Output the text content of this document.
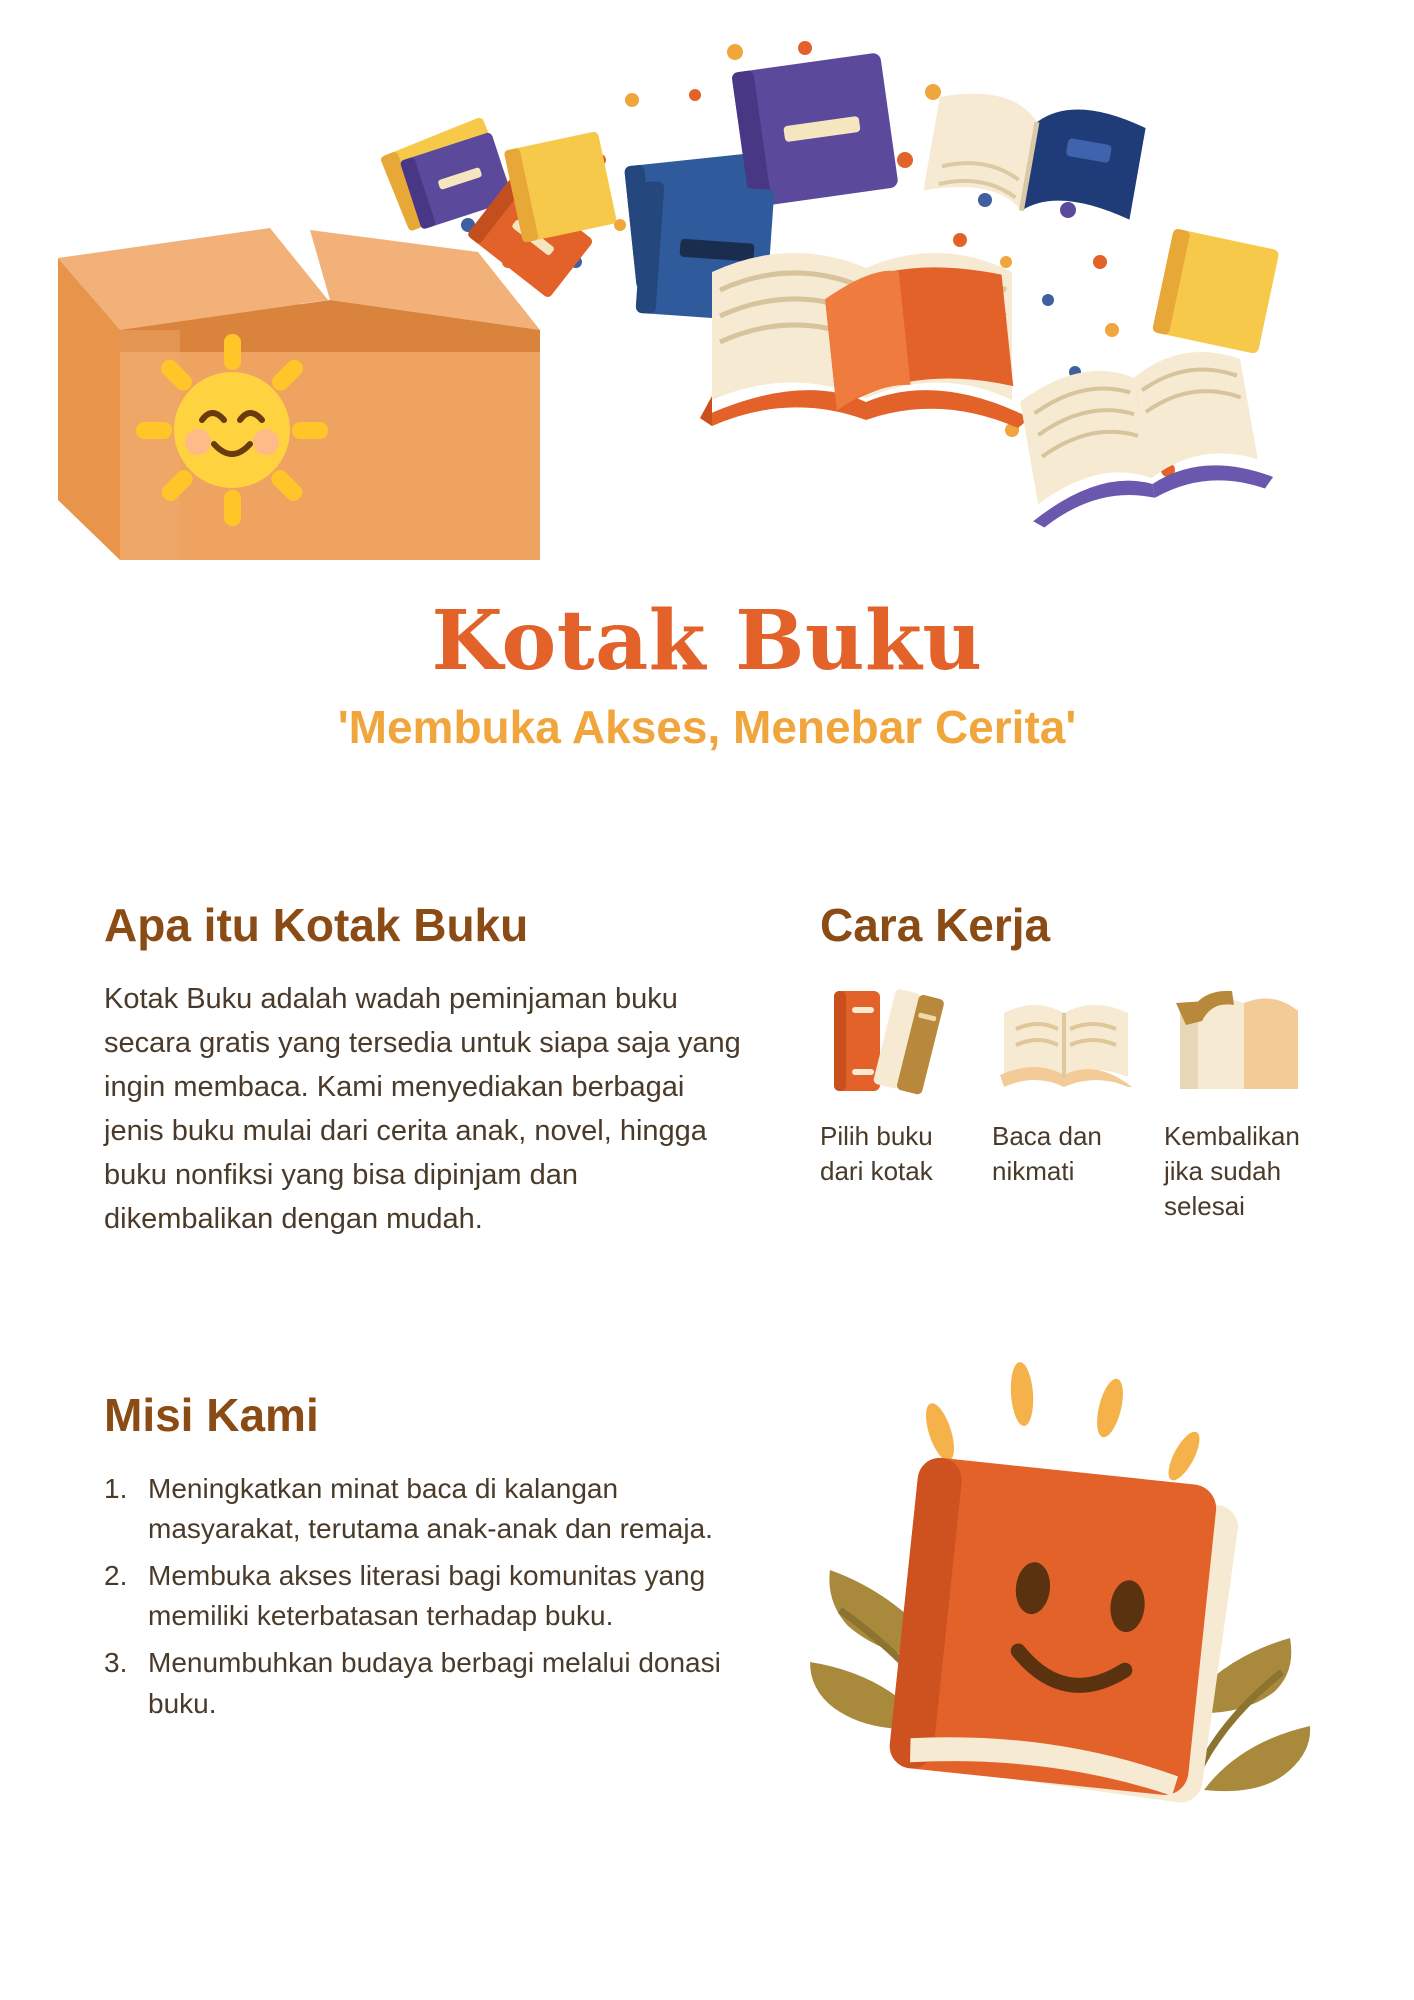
Kotak Buku
'Membuka Akses, Menebar Cerita'
Apa itu Kotak Buku

Kotak Buku adalah wadah peminjaman buku secara gratis yang tersedia untuk siapa saja yang ingin membaca. Kami menyediakan berbagai jenis buku mulai dari cerita anak, novel, hingga buku nonfiksi yang bisa dipinjam dan dikembalikan dengan mudah.

Cara Kerja
Pilih buku dari kotak
Baca dan nikmati
Kembalikan jika sudah selesai
Misi Kami
1. Meningkatkan minat baca di kalangan masyarakat, terutama anak-anak dan remaja.
2. Membuka akses literasi bagi komunitas yang memiliki keterbatasan terhadap buku.
3. Menumbuhkan budaya berbagi melalui donasi buku.
